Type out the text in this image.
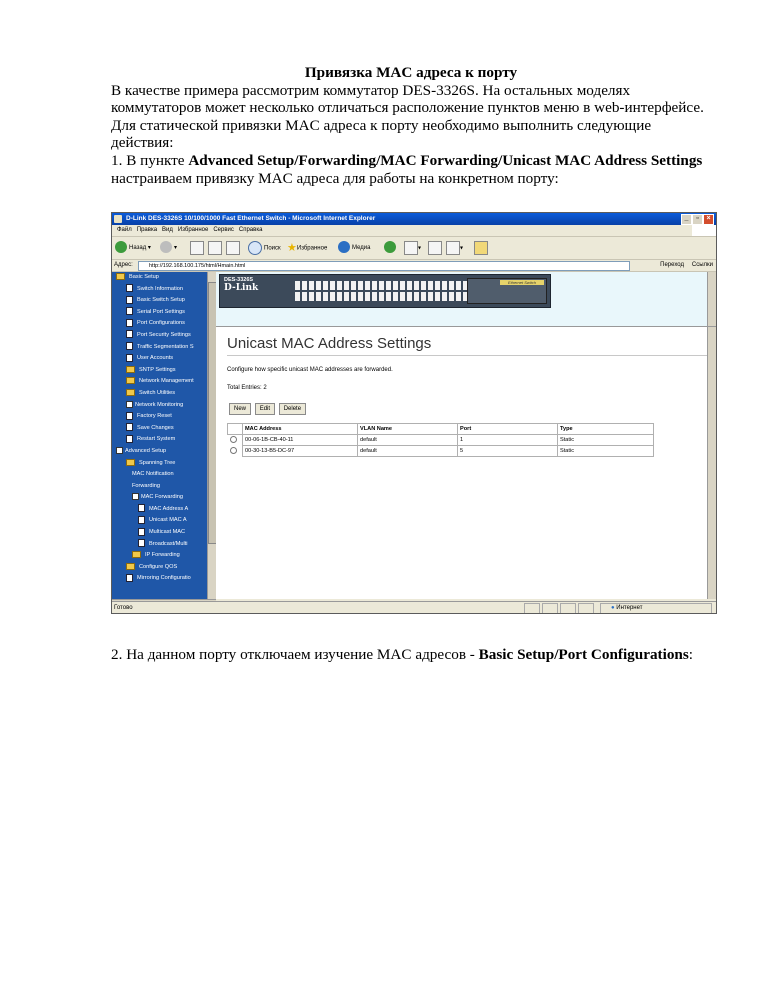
Привязка MAC адреса к порту

В качестве примера рассмотрим коммутатор DES-3326S. На остальных моделях коммутаторов может несколько отличаться расположение пунктов меню в web-интерфейсе.

Для статической привязки MAC адреса к порту необходимо выполнить следующие действия:

1. В пункте Advanced Setup/Forwarding/MAC Forwarding/Unicast MAC Address Settings настраиваем привязку MAC адреса для работы на конкретном порту:

2. На данном порту отключаем изучение MAC адресов - Basic Setup/Port Configurations:

D-Link DES-3326S 10/100/1000 Fast Ethernet Switch - Microsoft Internet Explorer	_	▫	×
Файл Правка Вид Избранное Сервис Справка
Назад ▾	▾	Поиск ★Избранное	Медиа	▾	▾
Адрес:	http://192.168.100.175/html/Hmain.html	Переход Ссылки
Basic Setup
Switch Information
Basic Switch Setup
Serial Port Settings
Port Configurations
Port Security Settings
Traffic Segmentation S
User Accounts
SNTP Settings
Network Management
Switch Utilities
Network Monitoring
Factory Reset
Save Changes
Restart System
Advanced Setup
Spanning Tree
MAC Notification
Forwarding
MAC Forwarding
MAC Address A
Unicast MAC A
Multicast MAC
Broadcast/Multi
IP Forwarding
Configure QOS
Mirroring Configuratio
DES-3326S
D-Link
Ethernet Switch
Unicast MAC Address Settings
Configure how specific unicast MAC addresses are forwarded.
Total Entries: 2
New Edit Delete
	MAC Address	VLAN Name	Port	Type
	00-06-1B-CB-40-11	default	1	Static
	00-30-13-B5-DC-97	default	5	Static
Готово	● Интернет
